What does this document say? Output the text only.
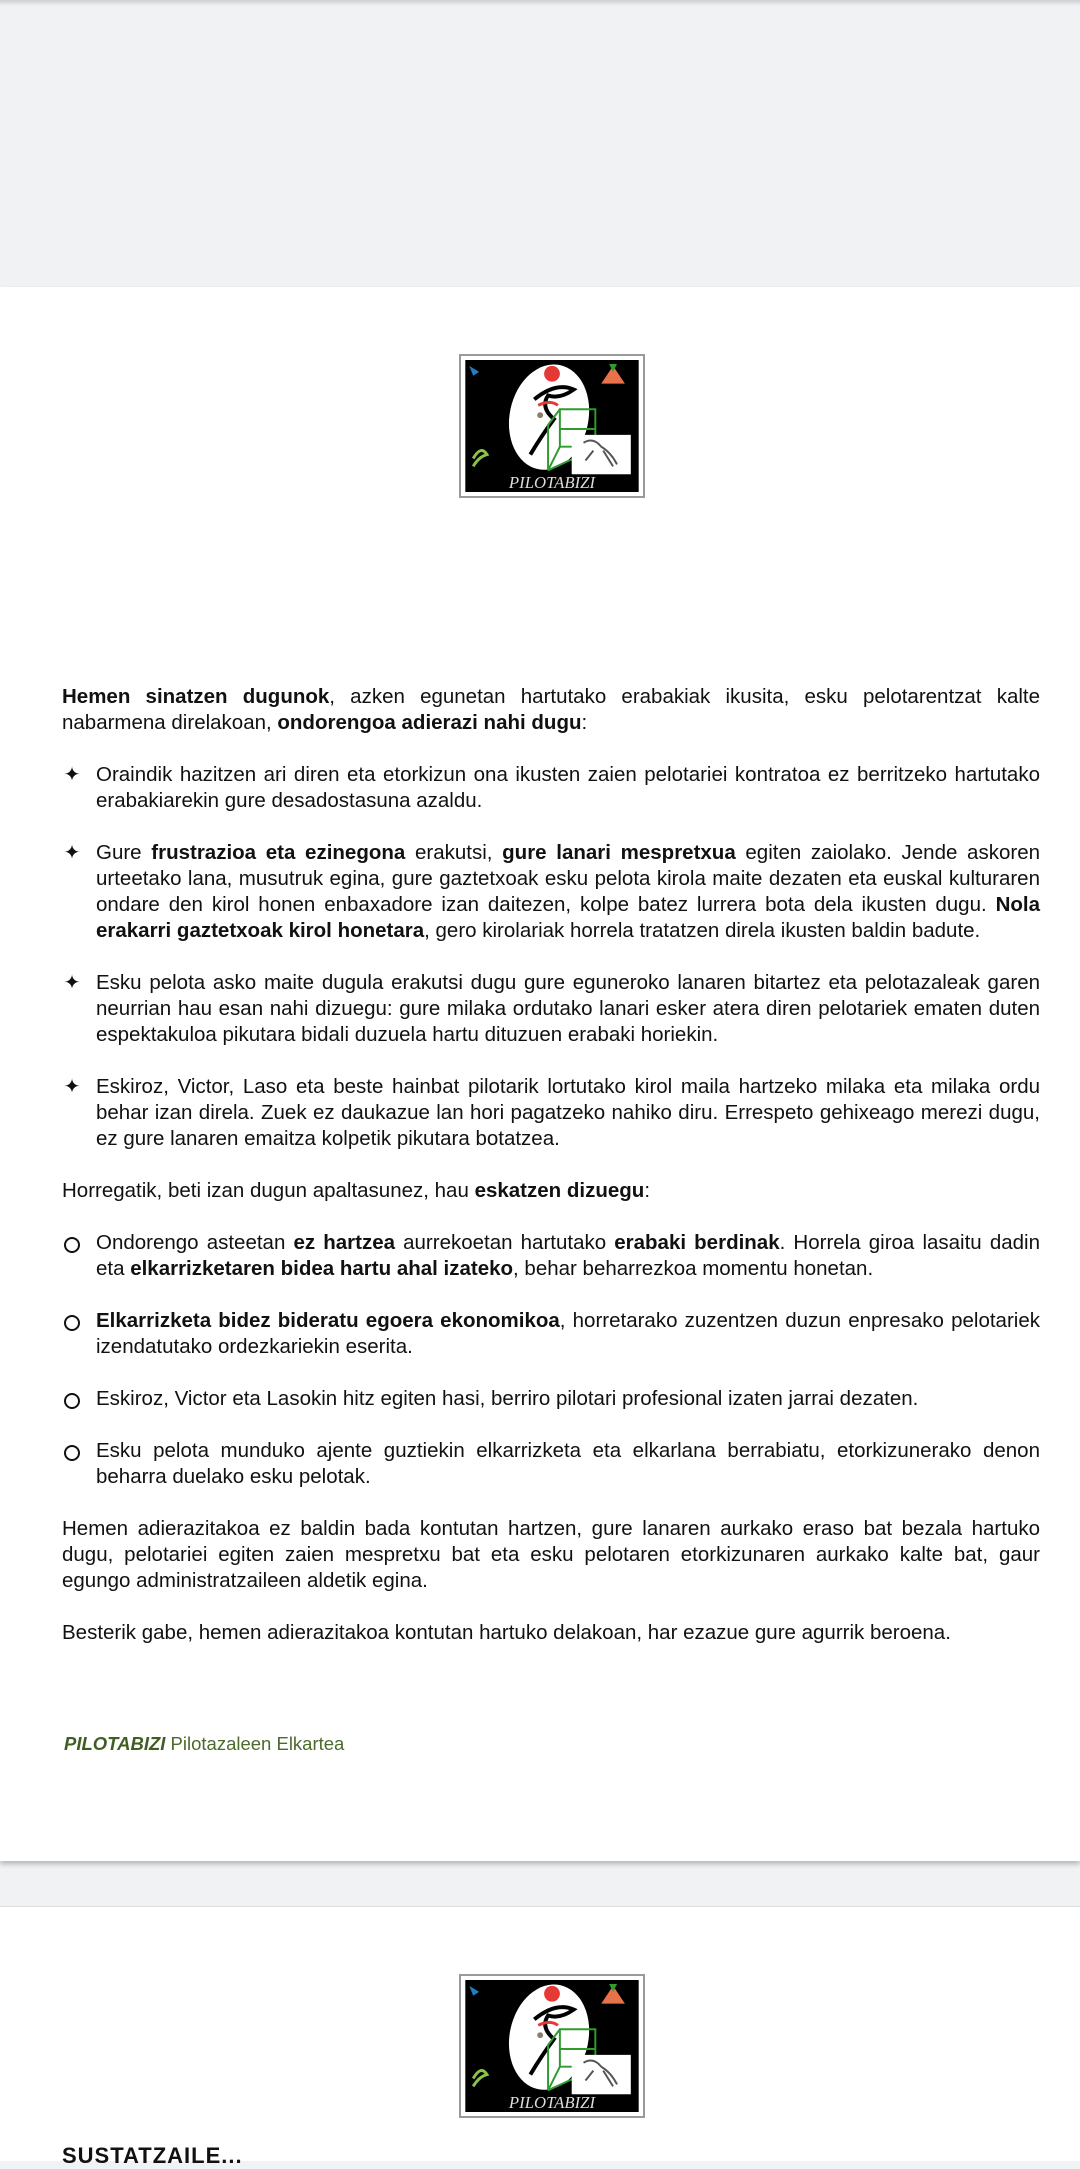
PILOTABIZI

Hemen sinatzen dugunok, azken egunetan hartutako erabakiak ikusita, esku pelotarentzat kalte nabarmena direlakoan, ondorengoa adierazi nahi dugu:

✦ Oraindik hazitzen ari diren eta etorkizun ona ikusten zaien pelotariei kontratoa ez berritzeko hartutako erabakiarekin gure desadostasuna azaldu.
✦ Gure frustrazioa eta ezinegona erakutsi, gure lanari mespretxua egiten zaiolako. Jende askoren urteetako lana, musutruk egina, gure gaztetxoak esku pelota kirola maite dezaten eta euskal kulturaren ondare den kirol honen enbaxadore izan daitezen, kolpe batez lurrera bota dela ikusten dugu. Nola erakarri gaztetxoak kirol honetara, gero kirolariak horrela tratatzen direla ikusten baldin badute.
✦ Esku pelota asko maite dugula erakutsi dugu gure eguneroko lanaren bitartez eta pelotazaleak garen neurrian hau esan nahi dizuegu: gure milaka ordutako lanari esker atera diren pelotariek ematen duten espektakuloa pikutara bidali duzuela hartu dituzuen erabaki horiekin.
✦ Eskiroz, Victor, Laso eta beste hainbat pilotarik lortutako kirol maila hartzeko milaka eta milaka ordu behar izan direla. Zuek ez daukazue lan hori pagatzeko nahiko diru. Errespeto gehixeago merezi dugu, ez gure lanaren emaitza kolpetik pikutara botatzea.

Horregatik, beti izan dugun apaltasunez, hau eskatzen dizuegu:

Ondorengo asteetan ez hartzea aurrekoetan hartutako erabaki berdinak. Horrela giroa lasaitu dadin eta elkarrizketaren bidea hartu ahal izateko, behar beharrezkoa momentu honetan.
Elkarrizketa bidez bideratu egoera ekonomikoa, horretarako zuzentzen duzun enpresako pelotariek izendatutako ordezkariekin eserita.
Eskiroz, Victor eta Lasokin hitz egiten hasi, berriro pilotari profesional izaten jarrai dezaten.
Esku pelota munduko ajente guztiekin elkarrizketa eta elkarlana berrabiatu, etorkizunerako denon beharra duelako esku pelotak.

Hemen adierazitakoa ez baldin bada kontutan hartzen, gure lanaren aurkako eraso bat bezala hartuko dugu, pelotariei egiten zaien mespretxu bat eta esku pelotaren etorkizunaren aurkako kalte bat, gaur egungo administratzaileen aldetik egina.

Besterik gabe, hemen adierazitakoa kontutan hartuko delakoan, har ezazue gure agurrik beroena.

PILOTABIZI Pilotazaleen Elkartea
PILOTABIZI
SUSTATZAILE...
